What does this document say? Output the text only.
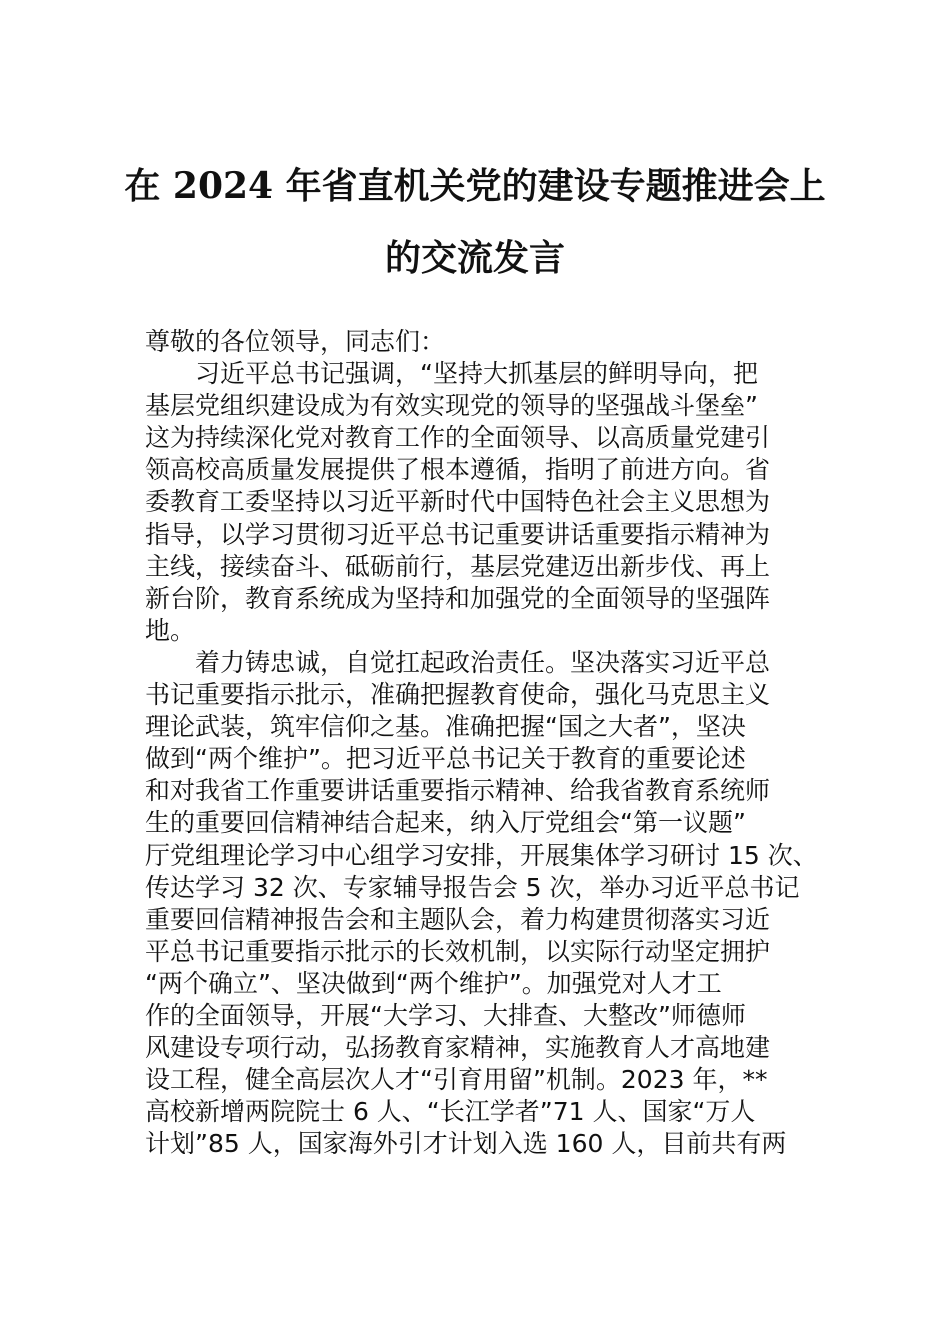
在 2024 年省直机关党的建设专题推进会上
的交流发言
尊敬的各位领导，同志们：
习近平总书记强调，“坚持大抓基层的鲜明导向，把
基层党组织建设成为有效实现党的领导的坚强战斗堡垒”
这为持续深化党对教育工作的全面领导、以高质量党建引
领高校高质量发展提供了根本遵循，指明了前进方向。省
委教育工委坚持以习近平新时代中国特色社会主义思想为
指导，以学习贯彻习近平总书记重要讲话重要指示精神为
主线，接续奋斗、砥砺前行，基层党建迈出新步伐、再上
新台阶，教育系统成为坚持和加强党的全面领导的坚强阵
地。
着力铸忠诚，自觉扛起政治责任。坚决落实习近平总
书记重要指示批示，准确把握教育使命，强化马克思主义
理论武装，筑牢信仰之基。准确把握“国之大者”，坚决
做到“两个维护”。把习近平总书记关于教育的重要论述
和对我省工作重要讲话重要指示精神、给我省教育系统师
生的重要回信精神结合起来，纳入厅党组会“第一议题”
厅党组理论学习中心组学习安排，开展集体学习研讨 15 次、
传达学习 32 次、专家辅导报告会 5 次，举办习近平总书记
重要回信精神报告会和主题队会，着力构建贯彻落实习近
平总书记重要指示批示的长效机制，以实际行动坚定拥护
“两个确立”、坚决做到“两个维护”。加强党对人才工
作的全面领导，开展“大学习、大排查、大整改”师德师
风建设专项行动，弘扬教育家精神，实施教育人才高地建
设工程，健全高层次人才“引育用留”机制。2023 年，**
高校新增两院院士 6 人、“长江学者”71 人、国家“万人
计划”85 人，国家海外引才计划入选 160 人，目前共有两
